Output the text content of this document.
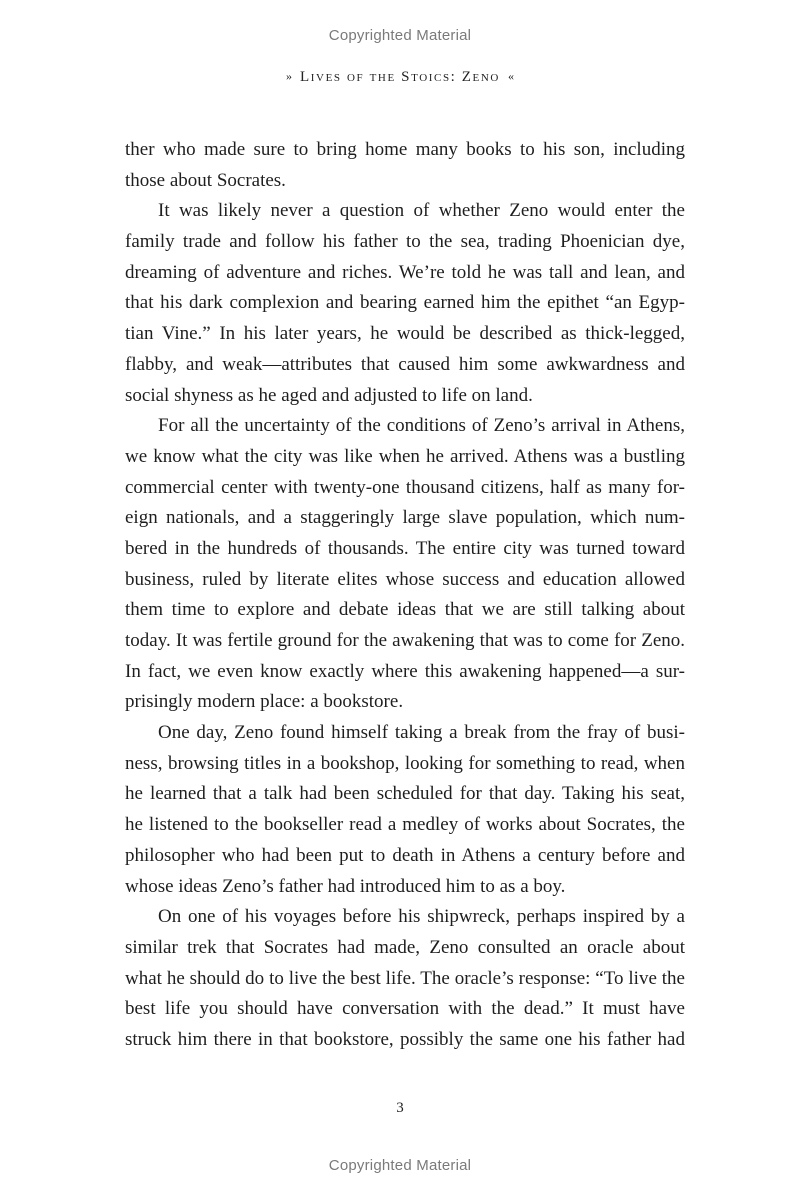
Copyrighted Material
» Lives of the Stoics: Zeno «
ther who made sure to bring home many books to his son, including
those about Socrates.
It was likely never a question of whether Zeno would enter the
family trade and follow his father to the sea, trading Phoenician dye,
dreaming of adventure and riches. We’re told he was tall and lean, and
that his dark complexion and bearing earned him the epithet “an Egyp-
tian Vine.” In his later years, he would be described as thick-legged,
flabby, and weak—attributes that caused him some awkwardness and
social shyness as he aged and adjusted to life on land.
For all the uncertainty of the conditions of Zeno’s arrival in Athens,
we know what the city was like when he arrived. Athens was a bustling
commercial center with twenty-one thousand citizens, half as many for-
eign nationals, and a staggeringly large slave population, which num-
bered in the hundreds of thousands. The entire city was turned toward
business, ruled by literate elites whose success and education allowed
them time to explore and debate ideas that we are still talking about
today. It was fertile ground for the awakening that was to come for Zeno.
In fact, we even know exactly where this awakening happened—a sur-
prisingly modern place: a bookstore.
One day, Zeno found himself taking a break from the fray of busi-
ness, browsing titles in a bookshop, looking for something to read, when
he learned that a talk had been scheduled for that day. Taking his seat,
he listened to the bookseller read a medley of works about Socrates, the
philosopher who had been put to death in Athens a century before and
whose ideas Zeno’s father had introduced him to as a boy.
On one of his voyages before his shipwreck, perhaps inspired by a
similar trek that Socrates had made, Zeno consulted an oracle about
what he should do to live the best life. The oracle’s response: “To live the
best life you should have conversation with the dead.” It must have
struck him there in that bookstore, possibly the same one his father had
3
Copyrighted Material
